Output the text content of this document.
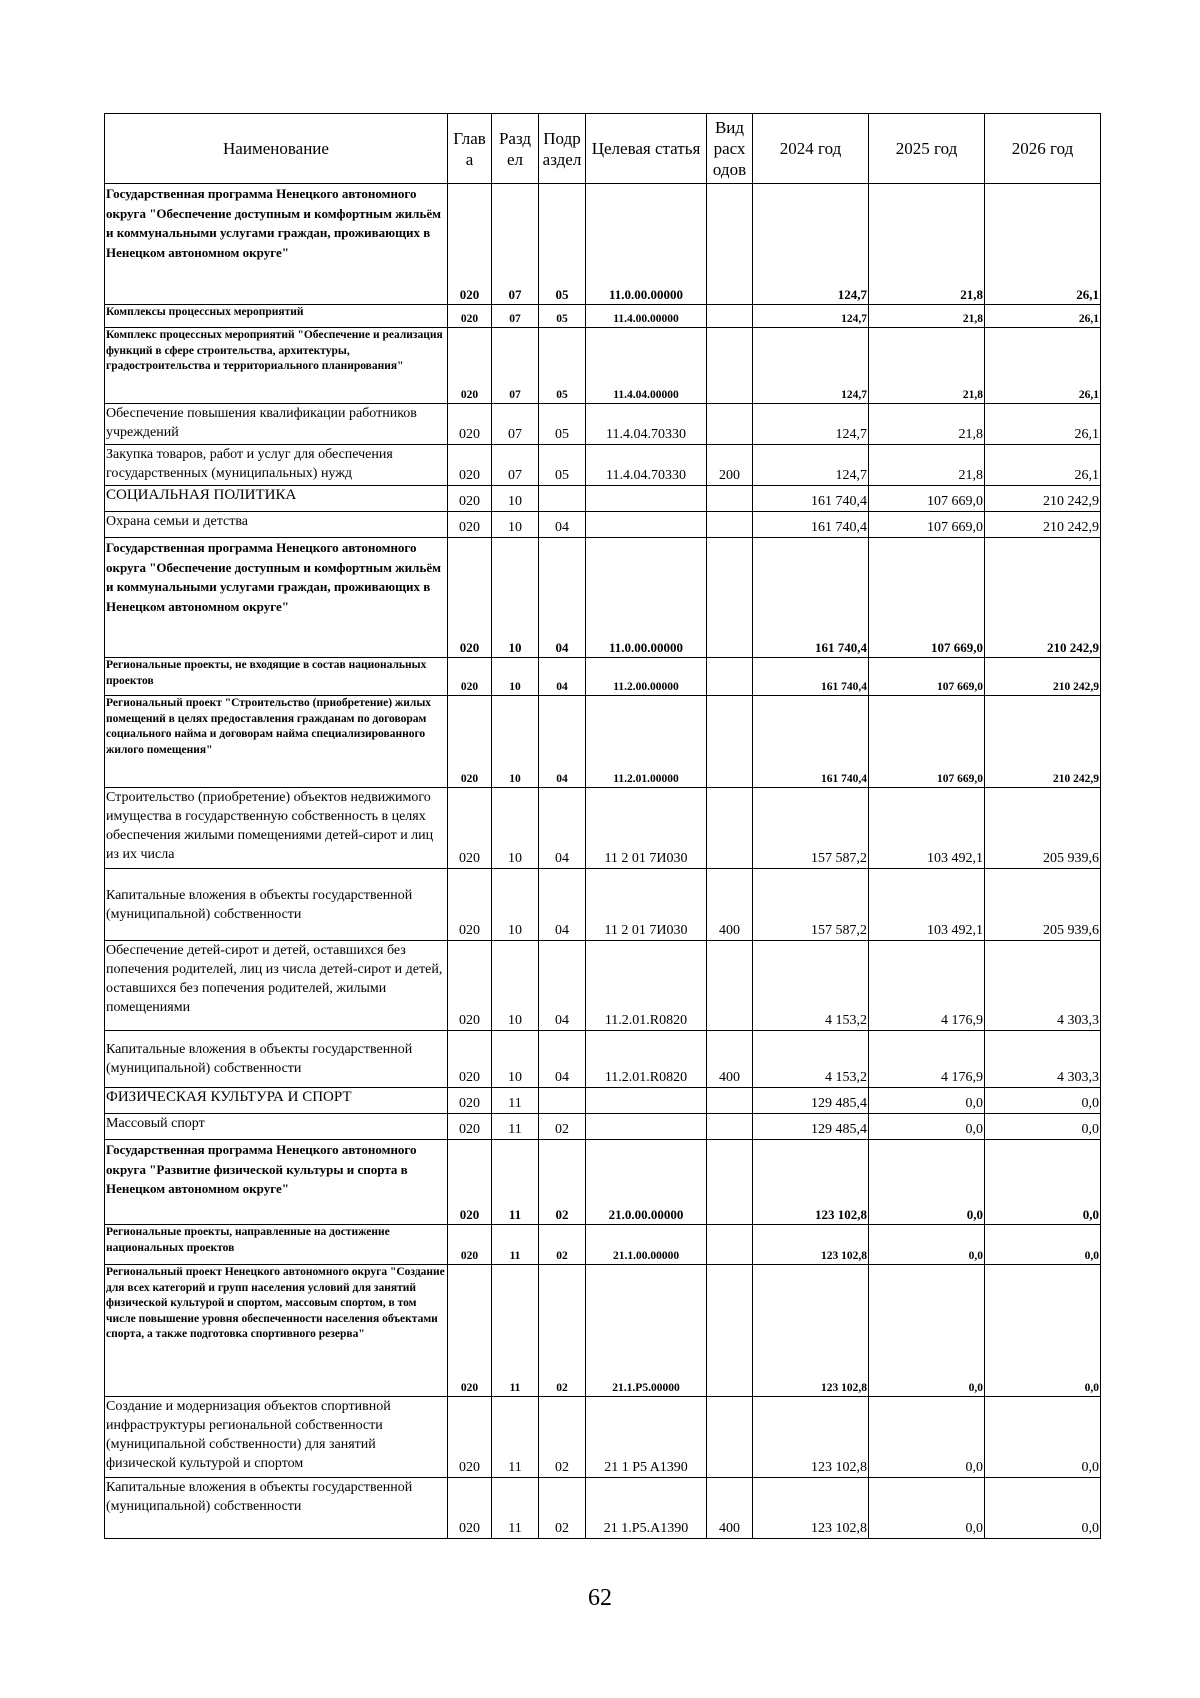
Наименование	Глав а	Разд ел	Подр аздел	Целевая статья	Вид расх одов	2024 год	2025 год	2026 год
Государственная программа Ненецкого автономного округа "Обеспечение доступным и комфортным жильём и коммунальными услугами граждан, проживающих в Ненецком автономном округе"	020	07	05	11.0.00.00000		124,7	21,8	26,1
Комплексы процессных мероприятий	020	07	05	11.4.00.00000		124,7	21,8	26,1
Комплекс процессных мероприятий "Обеспечение и реализация функций в сфере строительства, архитектуры, градостроительства и территориального планирования"	020	07	05	11.4.04.00000		124,7	21,8	26,1
Обеспечение повышения квалификации работников учреждений	020	07	05	11.4.04.70330		124,7	21,8	26,1
Закупка товаров, работ и услуг для обеспечения государственных (муниципальных) нужд	020	07	05	11.4.04.70330	200	124,7	21,8	26,1
СОЦИАЛЬНАЯ ПОЛИТИКА	020	10				161 740,4	107 669,0	210 242,9
Охрана семьи и детства	020	10	04			161 740,4	107 669,0	210 242,9
Государственная программа Ненецкого автономного округа "Обеспечение доступным и комфортным жильём и коммунальными услугами граждан, проживающих в Ненецком автономном округе"	020	10	04	11.0.00.00000		161 740,4	107 669,0	210 242,9
Региональные проекты, не входящие в состав национальных проектов	020	10	04	11.2.00.00000		161 740,4	107 669,0	210 242,9
Региональный проект "Строительство (приобретение) жилых помещений в целях предоставления гражданам по договорам социального найма и договорам найма специализированного жилого помещения"	020	10	04	11.2.01.00000		161 740,4	107 669,0	210 242,9
Строительство (приобретение) объектов недвижимого имущества в государственную собственность в целях обеспечения жилыми помещениями детей-сирот и лиц из их числа	020	10	04	11 2 01 7И030		157 587,2	103 492,1	205 939,6
Капитальные вложения в объекты государственной (муниципальной) собственности	020	10	04	11 2 01 7И030	400	157 587,2	103 492,1	205 939,6
Обеспечение детей-сирот и детей, оставшихся без попечения родителей, лиц из числа детей-сирот и детей, оставшихся без попечения родителей, жилыми помещениями	020	10	04	11.2.01.R0820		4 153,2	4 176,9	4 303,3
Капитальные вложения в объекты государственной (муниципальной) собственности	020	10	04	11.2.01.R0820	400	4 153,2	4 176,9	4 303,3
ФИЗИЧЕСКАЯ КУЛЬТУРА И СПОРТ	020	11				129 485,4	0,0	0,0
Массовый спорт	020	11	02			129 485,4	0,0	0,0
Государственная программа Ненецкого автономного округа "Развитие физической культуры и спорта в Ненецком автономном округе"	020	11	02	21.0.00.00000		123 102,8	0,0	0,0
Региональные проекты, направленные на достижение национальных проектов	020	11	02	21.1.00.00000		123 102,8	0,0	0,0
Региональный проект Ненецкого автономного округа "Создание для всех категорий и групп населения условий для занятий физической культурой и спортом, массовым спортом, в том числе повышение уровня обеспеченности населения объектами спорта, а также подготовка спортивного резерва"	020	11	02	21.1.P5.00000		123 102,8	0,0	0,0
Создание и модернизация объектов спортивной инфраструктуры региональной собственности (муниципальной собственности) для занятий физической культурой и спортом	020	11	02	21 1 P5 A1390		123 102,8	0,0	0,0
Капитальные вложения в объекты государственной (муниципальной) собственности	020	11	02	21 1.P5.A1390	400	123 102,8	0,0	0,0
62
